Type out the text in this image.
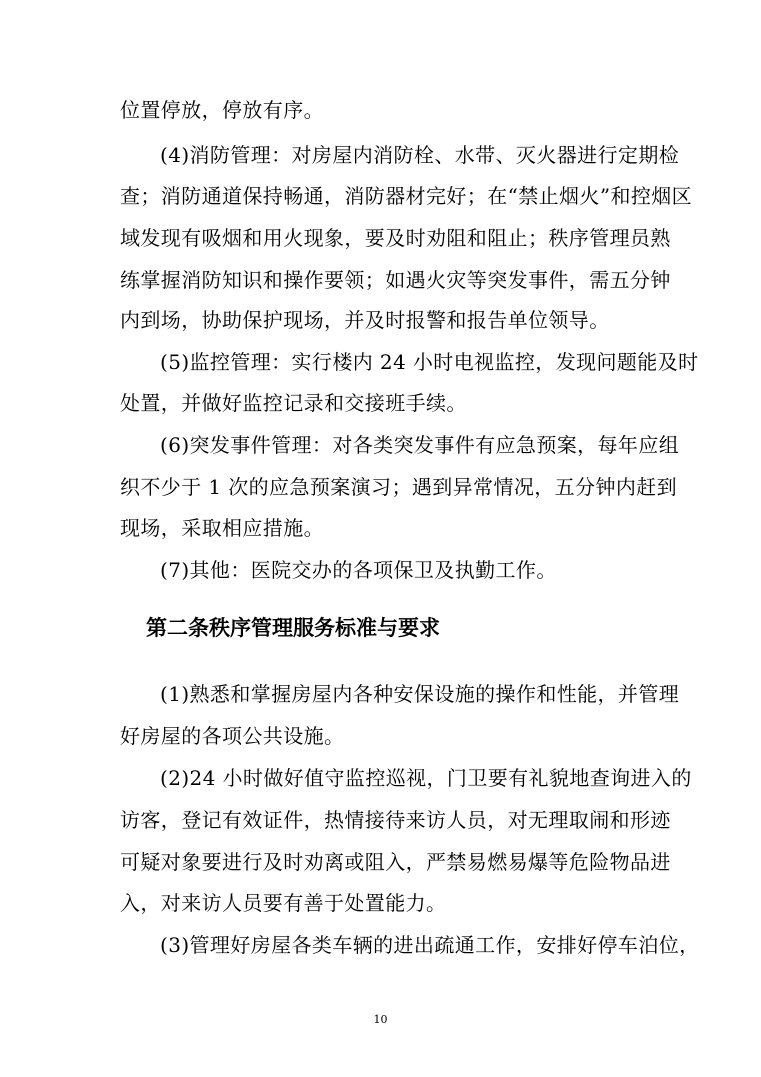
位置停放，停放有序。
(4)消防管理：对房屋内消防栓、水带、灭火器进行定期检
查；消防通道保持畅通，消防器材完好；在“禁止烟火”和控烟区
域发现有吸烟和用火现象，要及时劝阻和阻止；秩序管理员熟
练掌握消防知识和操作要领；如遇火灾等突发事件，需五分钟
内到场，协助保护现场，并及时报警和报告单位领导。
(5)监控管理：实行楼内 24 小时电视监控，发现问题能及时
处置，并做好监控记录和交接班手续。
(6)突发事件管理：对各类突发事件有应急预案，每年应组
织不少于 1 次的应急预案演习；遇到异常情况，五分钟内赶到
现场，采取相应措施。
(7)其他：医院交办的各项保卫及执勤工作。
第二条秩序管理服务标准与要求
(1)熟悉和掌握房屋内各种安保设施的操作和性能，并管理
好房屋的各项公共设施。
(2)24 小时做好值守监控巡视，门卫要有礼貌地查询进入的
访客，登记有效证件，热情接待来访人员，对无理取闹和形迹
可疑对象要进行及时劝离或阻入，严禁易燃易爆等危险物品进
入，对来访人员要有善于处置能力。
(3)管理好房屋各类车辆的进出疏通工作，安排好停车泊位，
10
